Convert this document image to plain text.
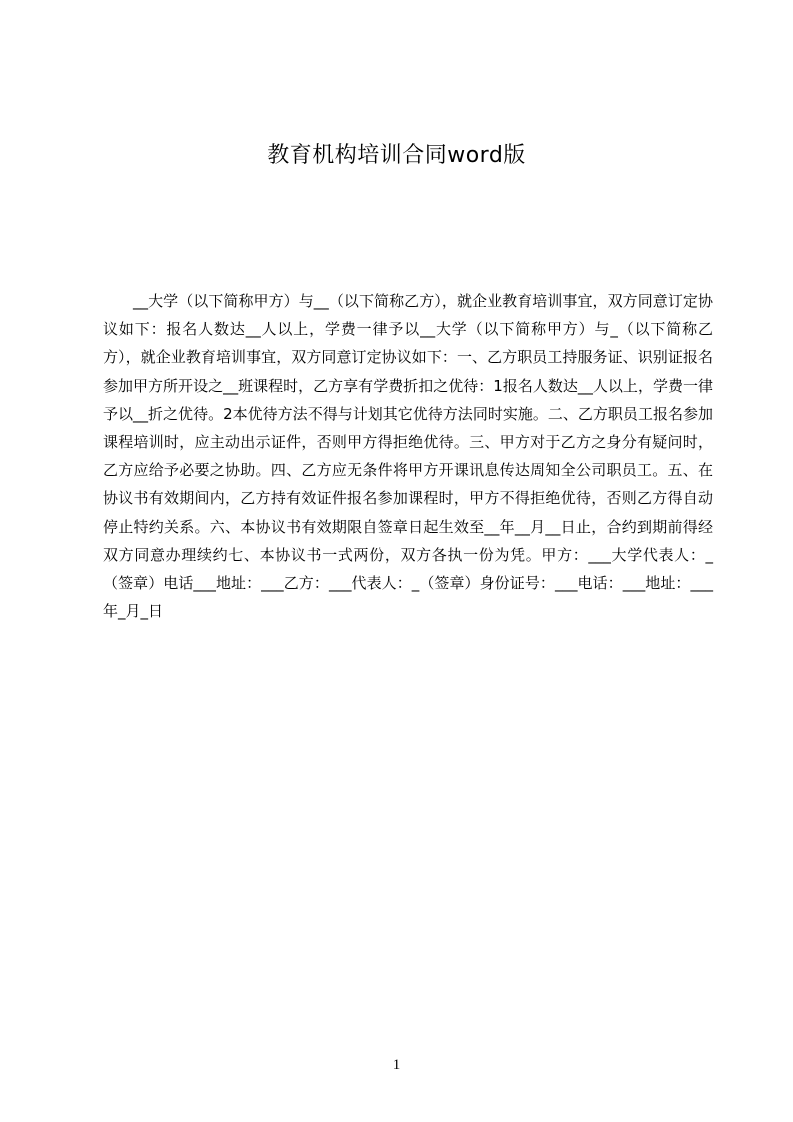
教育机构培训合同word版

__大学（以下简称甲方）与__（以下简称乙方），就企业教育培训事宜，双方同意订定协议如下：报名人数达__人以上，学费一律予以__大学（以下简称甲方）与_（以下简称乙方），就企业教育培训事宜，双方同意订定协议如下：一、乙方职员工持服务证、识别证报名参加甲方所开设之__班课程时，乙方享有学费折扣之优待：1报名人数达__人以上，学费一律予以__折之优待。2本优待方法不得与计划其它优待方法同时实施。二、乙方职员工报名参加课程培训时，应主动出示证件，否则甲方得拒绝优待。三、甲方对于乙方之身分有疑问时，乙方应给予必要之协助。四、乙方应无条件将甲方开课讯息传达周知全公司职员工。五、在协议书有效期间内，乙方持有效证件报名参加课程时，甲方不得拒绝优待，否则乙方得自动停止特约关系。六、本协议书有效期限自签章日起生效至__年__月__日止，合约到期前得经双方同意办理续约七、本协议书一式两份，双方各执一份为凭。甲方：___大学代表人：_（签章）电话___地址：___乙方：___代表人：_（签章）身份证号：___电话：___地址：___年_月_日

1
